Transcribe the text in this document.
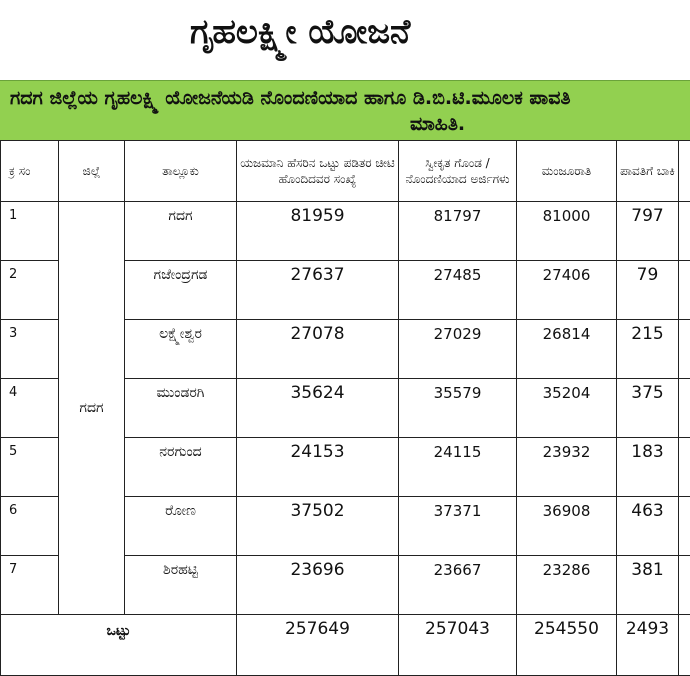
ಗೃಹಲಕ್ಷ್ಮೀ ಯೋಜನೆ
ಗದಗ ಜಿಲ್ಲೆಯ ಗೃಹಲಕ್ಷ್ಮಿ ಯೋಜನೆಯಡಿ ನೊಂದಣಿಯಾದ ಹಾಗೂ ಡಿ.ಬಿ.ಟಿ.ಮೂಲಕ ಪಾವತಿ
ಮಾಹಿತಿ.
ಕ್ರ ಸಂ	ಜಿಲ್ಲೆ	ತಾಲ್ಲೂಕು	ಯಜಮಾನಿ ಹೆಸರಿನ ಒಟ್ಟು ಪಡಿತರ ಚೀಟಿ ಹೊಂದಿದವರ ಸಂಖ್ಯೆ	ಸ್ವೀಕೃತ ಗೊಂಡ / ನೊಂದಣಿಯಾದ ಅರ್ಜಿಗಳು	ಮಂಜೂರಾತಿ	ಪಾವತಿಗೆ ಬಾಕಿ	
1	ಗದಗ	ಗದಗ	81959	81797	81000	797	
2		ಗಜೇಂದ್ರಗಡ	27637	27485	27406	79	
3		ಲಕ್ಷ್ಮೇಶ್ವರ	27078	27029	26814	215	
4		ಮುಂಡರಗಿ	35624	35579	35204	375	
5		ನರಗುಂದ	24153	24115	23932	183	
6		ರೋಣ	37502	37371	36908	463	
7		ಶಿರಹಟ್ಟಿ	23696	23667	23286	381	
ಒಟ್ಟು			257649	257043	254550	2493	
